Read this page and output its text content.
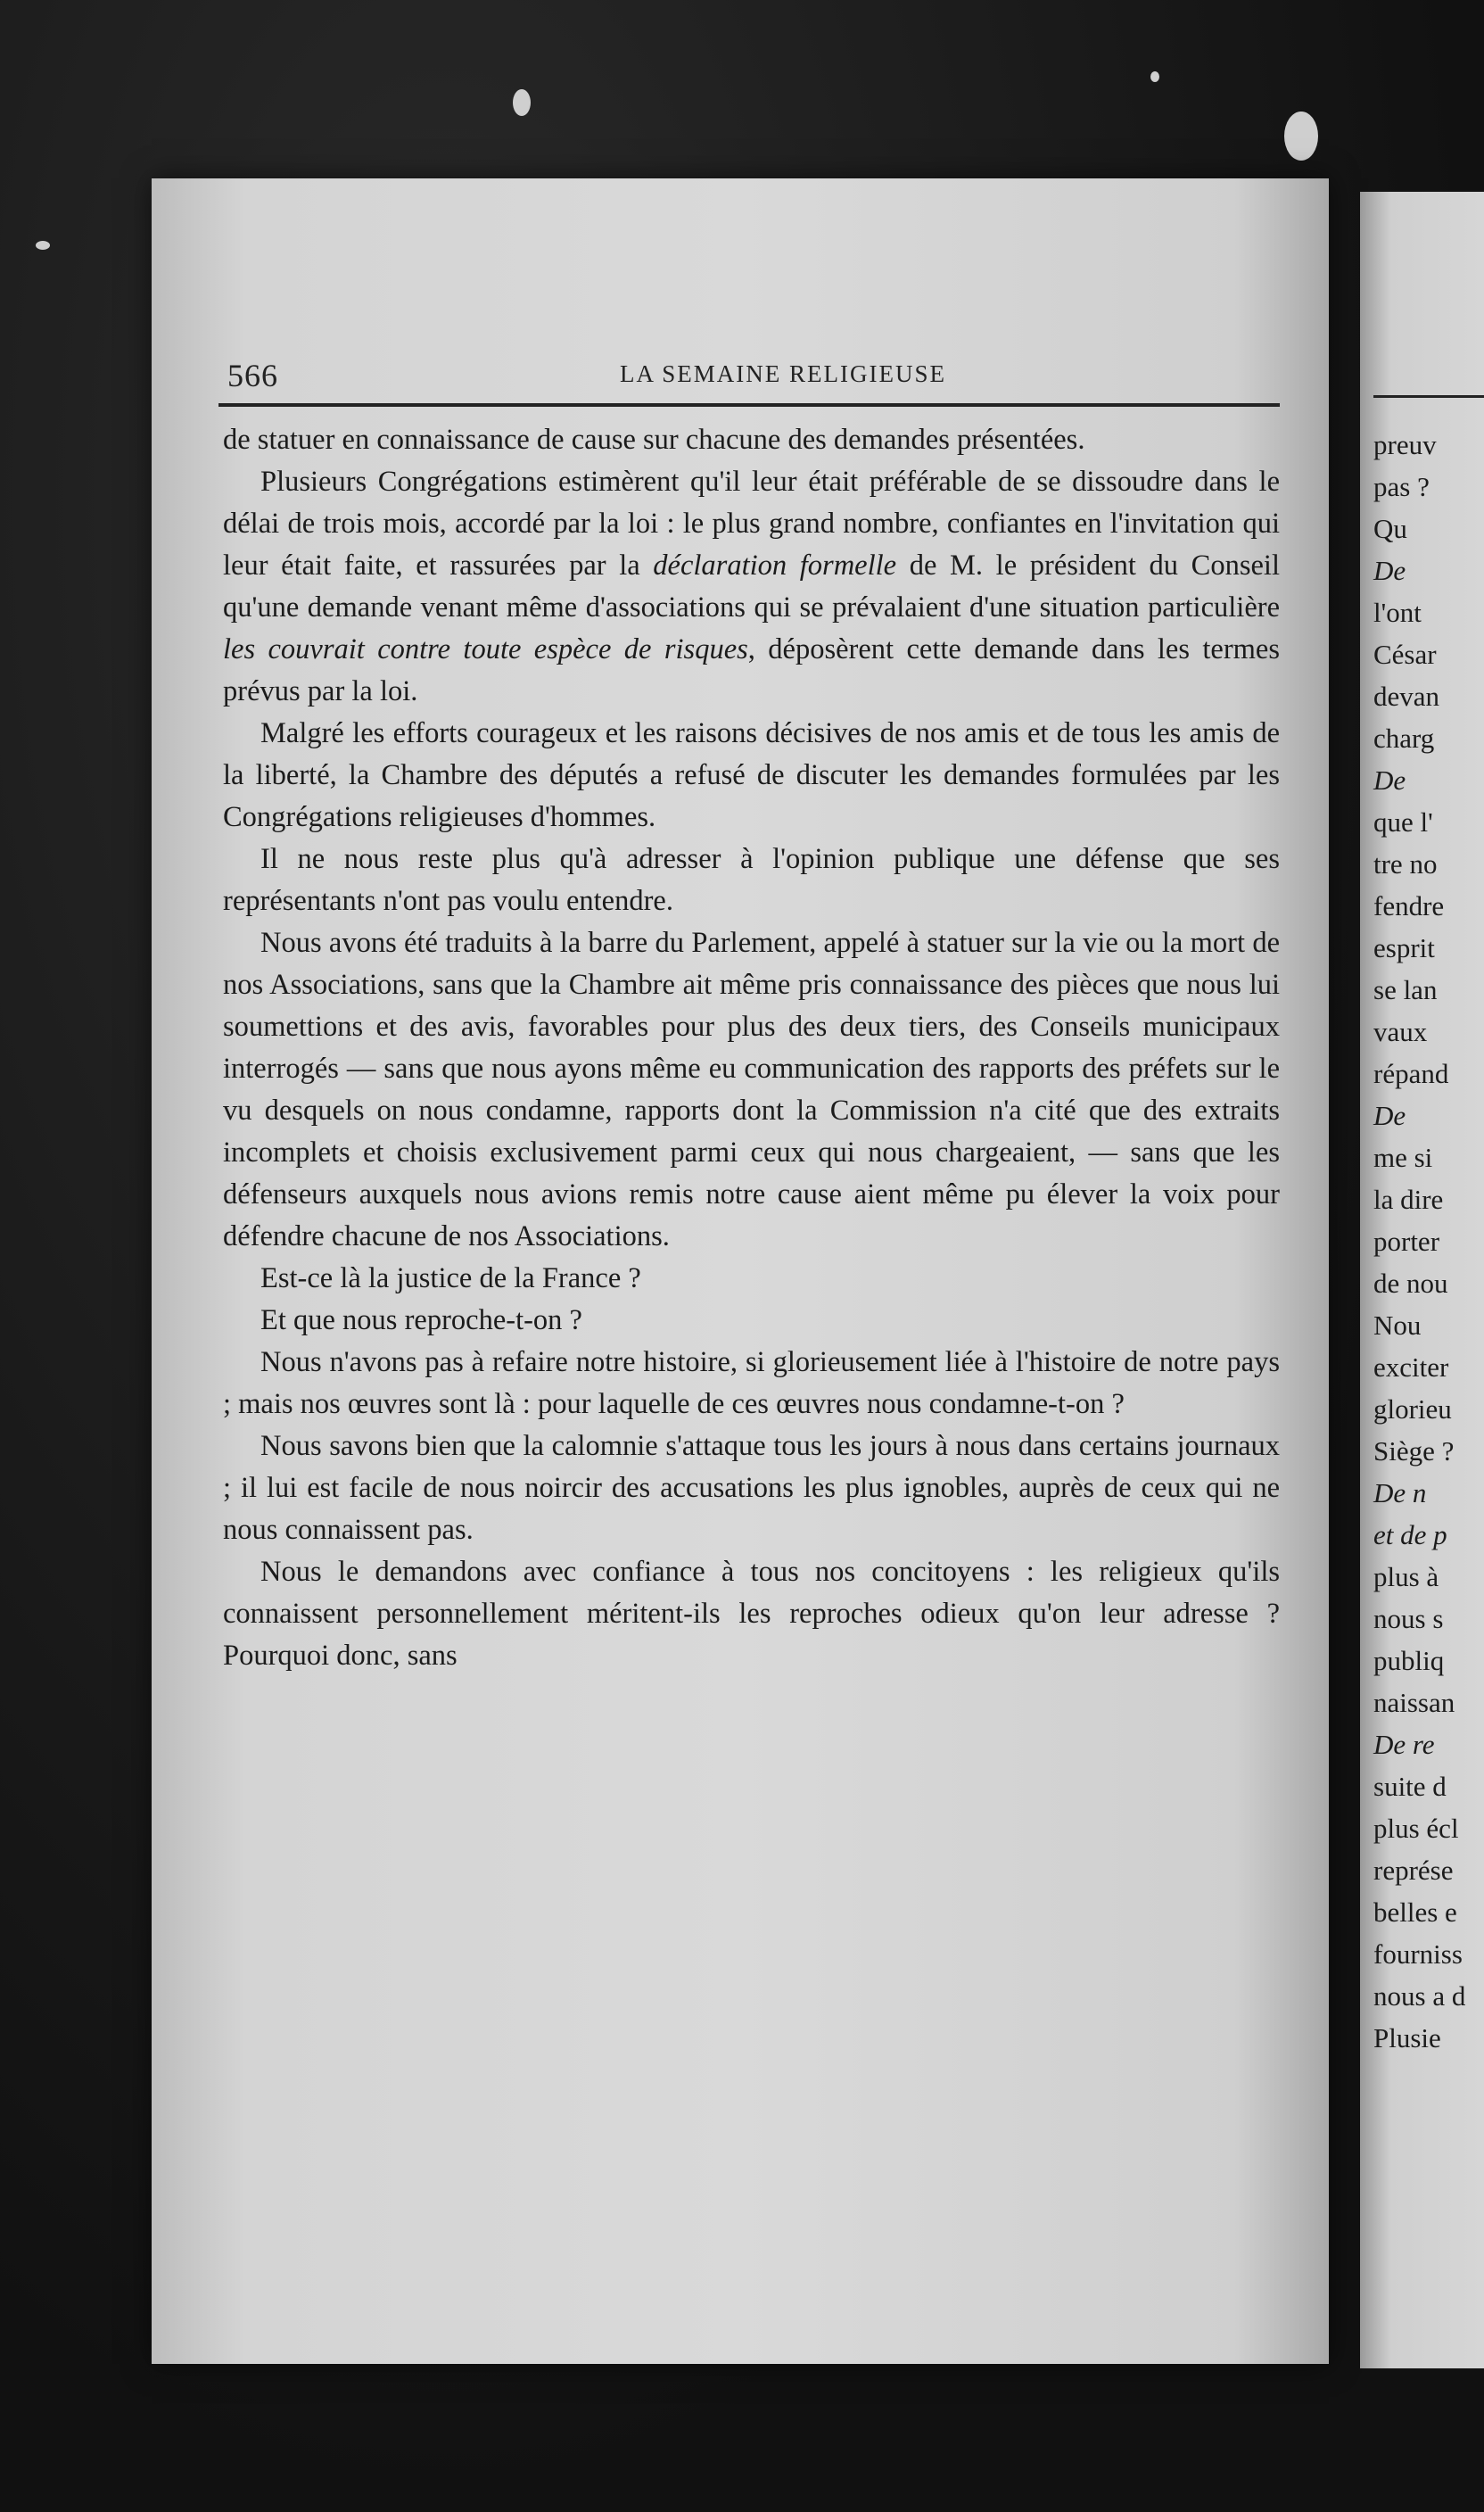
566	LA SEMAINE RELIGIEUSE

de statuer en connaissance de cause sur chacune des demandes présentées.

Plusieurs Congrégations estimèrent qu'il leur était préférable de se dissoudre dans le délai de trois mois, accordé par la loi : le plus grand nombre, confiantes en l'invitation qui leur était faite, et rassurées par la déclaration formelle de M. le président du Conseil qu'une demande venant même d'associations qui se prévalaient d'une situation particulière les couvrait contre toute espèce de risques, déposèrent cette demande dans les termes prévus par la loi.

Malgré les efforts courageux et les raisons décisives de nos amis et de tous les amis de la liberté, la Chambre des députés a refusé de discuter les demandes formulées par les Congrégations religieuses d'hommes.

Il ne nous reste plus qu'à adresser à l'opinion publique une défense que ses représentants n'ont pas voulu entendre.

Nous avons été traduits à la barre du Parlement, appelé à statuer sur la vie ou la mort de nos Associations, sans que la Chambre ait même pris connaissance des pièces que nous lui soumettions et des avis, favorables pour plus des deux tiers, des Conseils municipaux interrogés — sans que nous ayons même eu communication des rapports des préfets sur le vu desquels on nous condamne, rapports dont la Commission n'a cité que des extraits incomplets et choisis exclusivement parmi ceux qui nous chargeaient, — sans que les défenseurs auxquels nous avions remis notre cause aient même pu élever la voix pour défendre chacune de nos Associations.

Est-ce là la justice de la France ?

Et que nous reproche-t-on ?

Nous n'avons pas à refaire notre histoire, si glorieusement liée à l'histoire de notre pays ; mais nos œuvres sont là : pour laquelle de ces œuvres nous condamne-t-on ?

Nous savons bien que la calomnie s'attaque tous les jours à nous dans certains journaux ; il lui est facile de nous noircir des accusations les plus ignobles, auprès de ceux qui ne nous connaissent pas.

Nous le demandons avec confiance à tous nos concitoyens : les religieux qu'ils connaissent personnellement méritent-ils les reproches odieux qu'on leur adresse ? Pourquoi donc, sans

preuv
pas ?
Qu
De
l'ont
César
devan
charg
De
que l'
tre no
fendre
esprit
se lan
vaux
répand
De
me si
la dire
porter
de nou
Nou
exciter
glorieu
Siège ?
De n
et de p
plus à
nous s
publiq
naissan
De re
suite d
plus écl
représe
belles e
fourniss
nous a d
Plusie
